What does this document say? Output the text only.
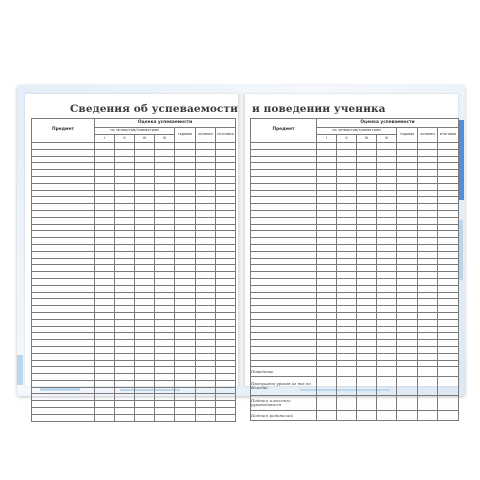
Сведения об успеваемости и поведении ученика
Предмет	Оценка успеваемости						
	по четвертям/триместрам				годовая	экзамен	итоговая
	I	II	III	IV			

Предмет	Оценка успеваемости						
	по четвертям/триместрам				годовая	экзамен	итоговая
	I	II	III	IV			

Поведение							
Пропущено уроков из них по болезни							
Подпись классного руководителя							
Подпись родителей							
